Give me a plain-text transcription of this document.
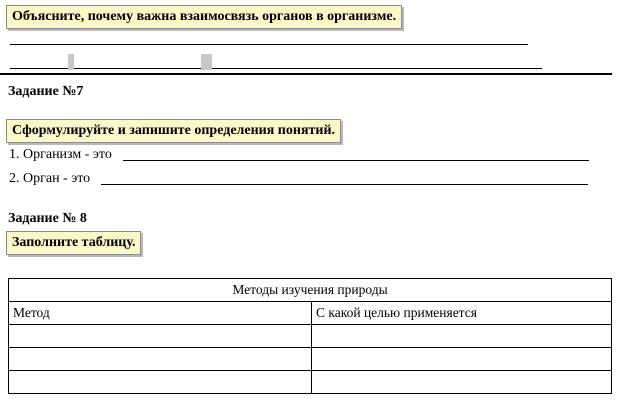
Объясните, почему важна взаимосвязь органов в организме.
Задание №7
Сформулируйте и запишите определения понятий.
1. Организм - это
2. Орган - это
Задание № 8
Заполните таблицу.
Методы изучения природы	
Метод	С какой целью применяется
